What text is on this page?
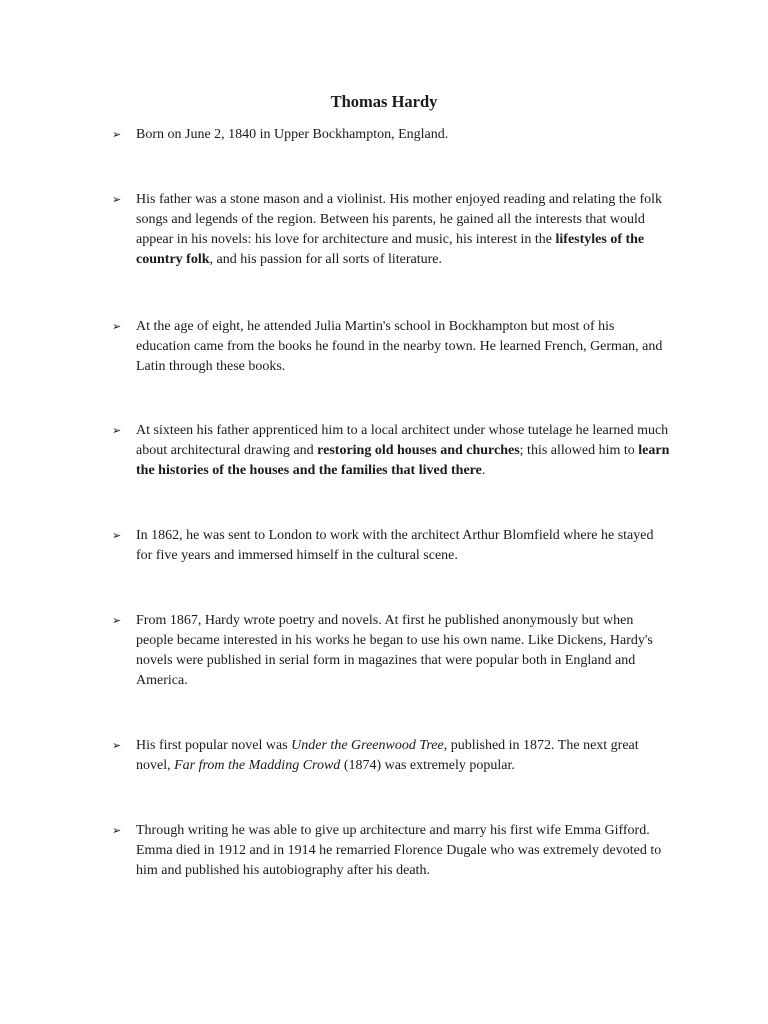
Thomas Hardy
➢	Born on June 2, 1840 in Upper Bockhampton, England.
➢	His father was a stone mason and a violinist. His mother enjoyed reading and relating the folk songs and legends of the region. Between his parents, he gained all the interests that would appear in his novels: his love for architecture and music, his interest in the lifestyles of the country folk, and his passion for all sorts of literature.
➢	At the age of eight, he attended Julia Martin's school in Bockhampton but most of his education came from the books he found in the nearby town. He learned French, German, and Latin through these books.
➢	At sixteen his father apprenticed him to a local architect under whose tutelage he learned much about architectural drawing and restoring old houses and churches; this allowed him to learn the histories of the houses and the families that lived there.
➢	In 1862, he was sent to London to work with the architect Arthur Blomfield where he stayed for five years and immersed himself in the cultural scene.
➢	From 1867, Hardy wrote poetry and novels. At first he published anonymously but when people became interested in his works he began to use his own name. Like Dickens, Hardy's novels were published in serial form in magazines that were popular both in England and America.
➢	His first popular novel was Under the Greenwood Tree, published in 1872. The next great novel, Far from the Madding Crowd (1874) was extremely popular.
➢	Through writing he was able to give up architecture and marry his first wife Emma Gifford. Emma died in 1912 and in 1914 he remarried Florence Dugale who was extremely devoted to him and published his autobiography after his death.
